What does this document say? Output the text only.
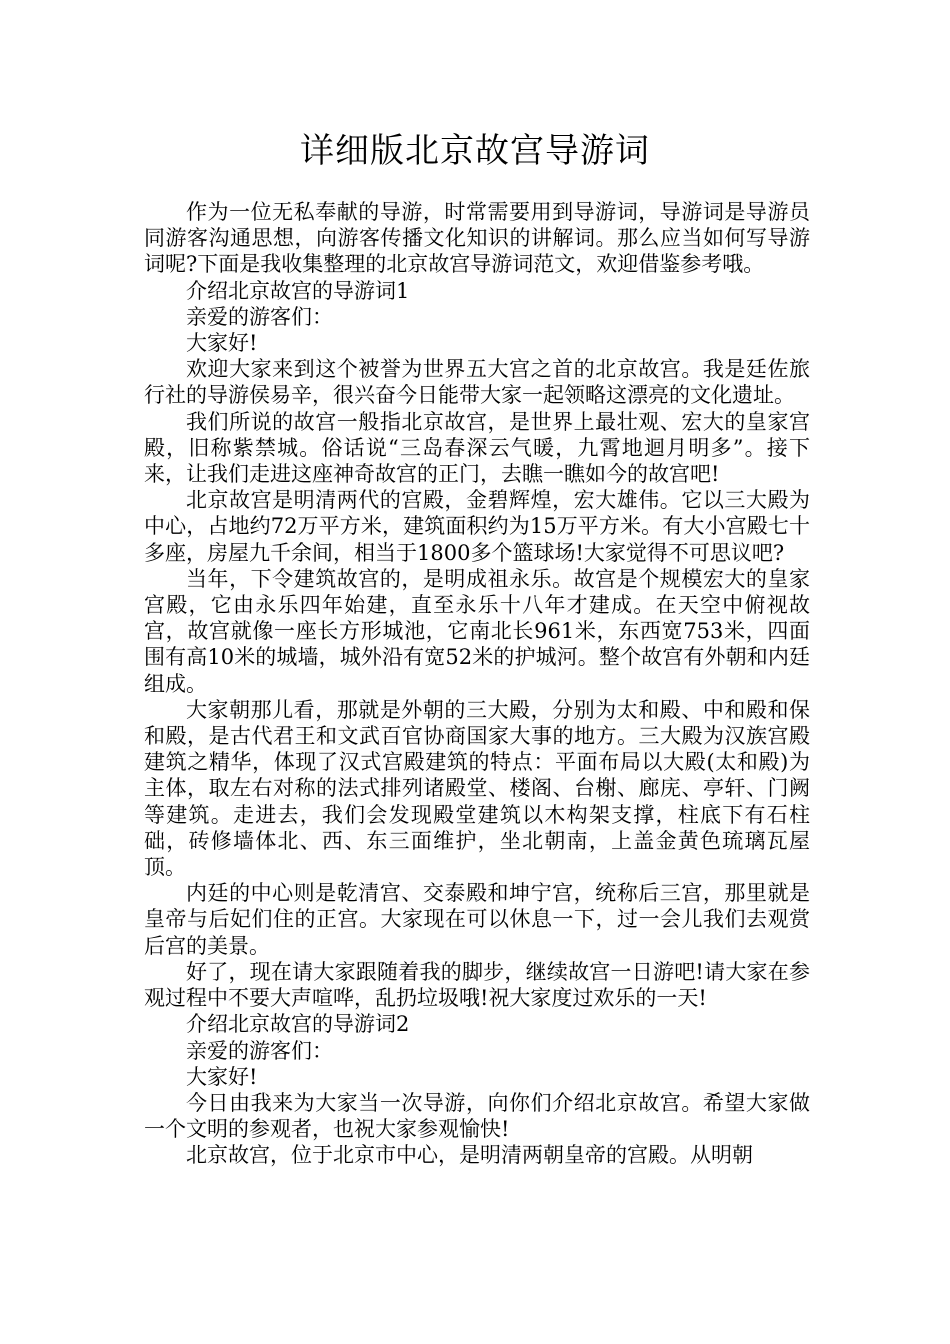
详细版北京故宫导游词

作为一位无私奉献的导游，时常需要用到导游词，导游词是导游员同游客沟通思想，向游客传播文化知识的讲解词。那么应当如何写导游词呢?下面是我收集整理的北京故宫导游词范文，欢迎借鉴参考哦。

介绍北京故宫的导游词1

亲爱的游客们：

大家好!

欢迎大家来到这个被誉为世界五大宫之首的北京故宫。我是廷佐旅行社的导游侯易辛，很兴奋今日能带大家一起领略这漂亮的文化遗址。

我们所说的故宫一般指北京故宫，是世界上最壮观、宏大的皇家宫殿，旧称紫禁城。俗话说“三岛春深云气暖，九霄地迴月明多”。接下来，让我们走进这座神奇故宫的正门，去瞧一瞧如今的故宫吧!

北京故宫是明清两代的宫殿，金碧辉煌，宏大雄伟。它以三大殿为中心，占地约72万平方米，建筑面积约为15万平方米。有大小宫殿七十多座，房屋九千余间，相当于1800多个篮球场!大家觉得不可思议吧?

当年，下令建筑故宫的，是明成祖永乐。故宫是个规模宏大的皇家宫殿，它由永乐四年始建，直至永乐十八年才建成。在天空中俯视故宫，故宫就像一座长方形城池，它南北长961米，东西宽753米，四面围有高10米的城墙，城外沿有宽52米的护城河。整个故宫有外朝和内廷组成。

大家朝那儿看，那就是外朝的三大殿，分别为太和殿、中和殿和保和殿，是古代君王和文武百官协商国家大事的地方。三大殿为汉族宫殿建筑之精华，体现了汉式宫殿建筑的特点：平面布局以大殿(太和殿)为主体，取左右对称的法式排列诸殿堂、楼阁、台榭、廊庑、亭轩、门阙等建筑。走进去，我们会发现殿堂建筑以木构架支撑，柱底下有石柱础，砖修墙体北、西、东三面维护，坐北朝南，上盖金黄色琉璃瓦屋顶。

内廷的中心则是乾清宫、交泰殿和坤宁宫，统称后三宫，那里就是皇帝与后妃们住的正宫。大家现在可以休息一下，过一会儿我们去观赏后宫的美景。

好了，现在请大家跟随着我的脚步，继续故宫一日游吧!请大家在参观过程中不要大声喧哗，乱扔垃圾哦!祝大家度过欢乐的一天!

介绍北京故宫的导游词2

亲爱的游客们：

大家好!

今日由我来为大家当一次导游，向你们介绍北京故宫。希望大家做一个文明的参观者，也祝大家参观愉快!

北京故宫，位于北京市中心，是明清两朝皇帝的宫殿。从明朝
